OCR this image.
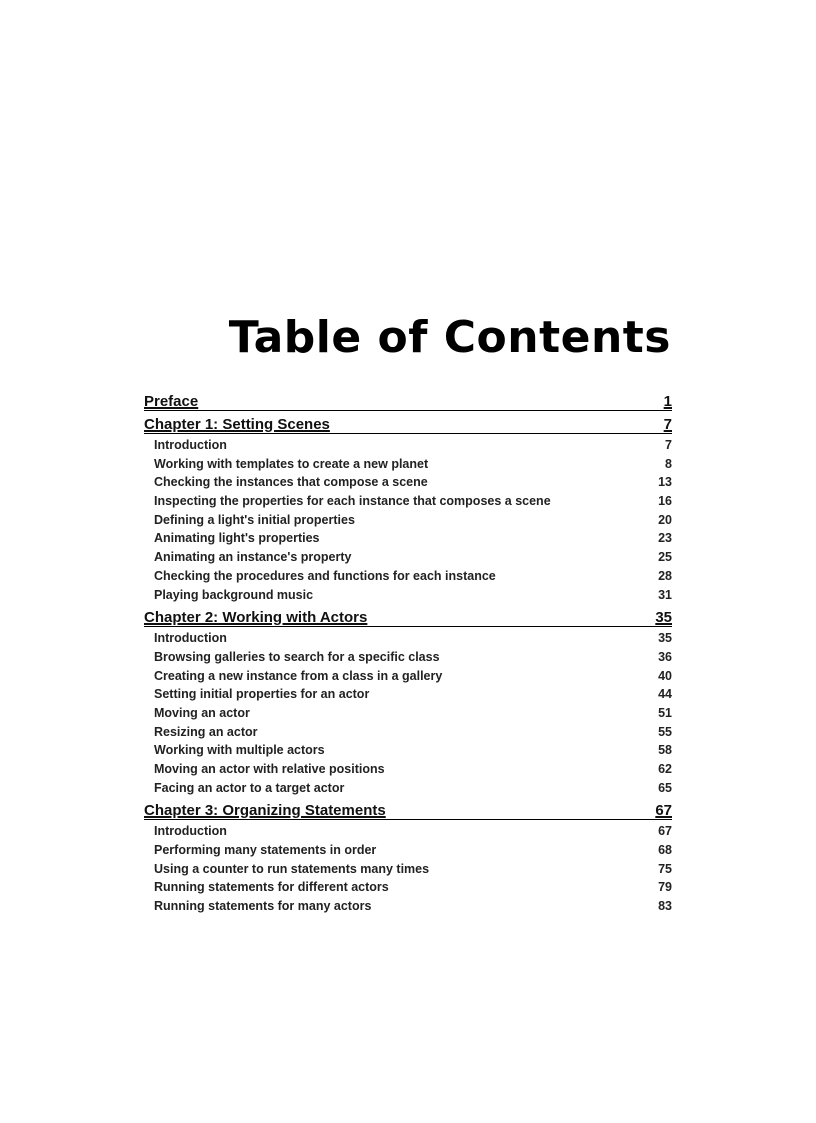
Table of Contents
Preface	1
Chapter 1: Setting Scenes	7
Introduction	7
Working with templates to create a new planet	8
Checking the instances that compose a scene	13
Inspecting the properties for each instance that composes a scene	16
Defining a light's initial properties	20
Animating light's properties	23
Animating an instance's property	25
Checking the procedures and functions for each instance	28
Playing background music	31
Chapter 2: Working with Actors	35
Introduction	35
Browsing galleries to search for a specific class	36
Creating a new instance from a class in a gallery	40
Setting initial properties for an actor	44
Moving an actor	51
Resizing an actor	55
Working with multiple actors	58
Moving an actor with relative positions	62
Facing an actor to a target actor	65
Chapter 3: Organizing Statements	67
Introduction	67
Performing many statements in order	68
Using a counter to run statements many times	75
Running statements for different actors	79
Running statements for many actors	83
